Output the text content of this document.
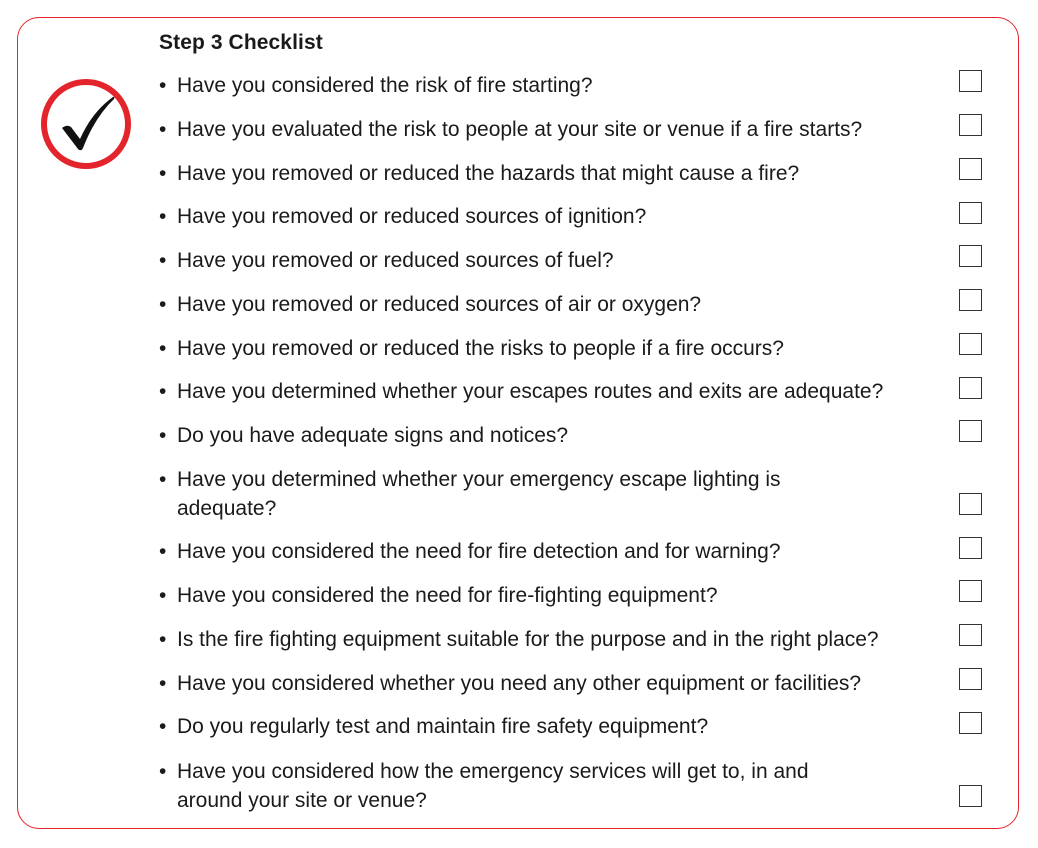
Step 3 Checklist
• Have you considered the risk of fire starting?
• Have you evaluated the risk to people at your site or venue if a fire starts?
• Have you removed or reduced the hazards that might cause a fire?
• Have you removed or reduced sources of ignition?
• Have you removed or reduced sources of fuel?
• Have you removed or reduced sources of air or oxygen?
• Have you removed or reduced the risks to people if a fire occurs?
• Have you determined whether your escapes routes and exits are adequate?
• Do you have adequate signs and notices?
• Have you determined whether your emergency escape lighting is adequate?
• Have you considered the need for fire detection and for warning?
• Have you considered the need for fire-fighting equipment?
• Is the fire fighting equipment suitable for the purpose and in the right place?
• Have you considered whether you need any other equipment or facilities?
• Do you regularly test and maintain fire safety equipment?
• Have you considered how the emergency services will get to, in and around your site or venue?
